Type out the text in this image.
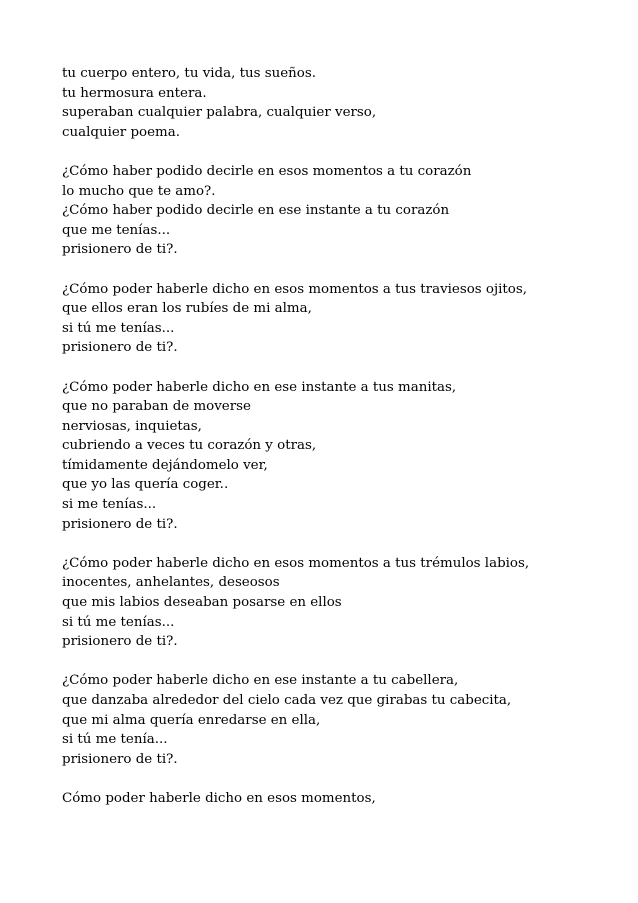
tu cuerpo entero, tu vida, tus sueños.
tu hermosura entera.
superaban cualquier palabra, cualquier verso,
cualquier poema.
¿Cómo haber podido decirle en esos momentos a tu corazón
lo mucho que te amo?.
¿Cómo haber podido decirle en ese instante a tu corazón
que me tenías...
prisionero de ti?.
¿Cómo poder haberle dicho en esos momentos a tus traviesos ojitos,
que ellos eran los rubíes de mi alma,
si tú me tenías...
prisionero de ti?.
¿Cómo poder haberle dicho en ese instante a tus manitas,
que no paraban de moverse
nerviosas, inquietas,
cubriendo a veces tu corazón y otras,
tímidamente dejándomelo ver,
que yo las quería coger..
si me tenías...
prisionero de ti?.
¿Cómo poder haberle dicho en esos momentos a tus trémulos labios,
inocentes, anhelantes, deseosos
que mis labios deseaban posarse en ellos
si tú me tenías...
prisionero de ti?.
¿Cómo poder haberle dicho en ese instante a tu cabellera,
que danzaba alrededor del cielo cada vez que girabas tu cabecita,
que mi alma quería enredarse en ella,
si tú me tenía...
prisionero de ti?.
Cómo poder haberle dicho en esos momentos,
